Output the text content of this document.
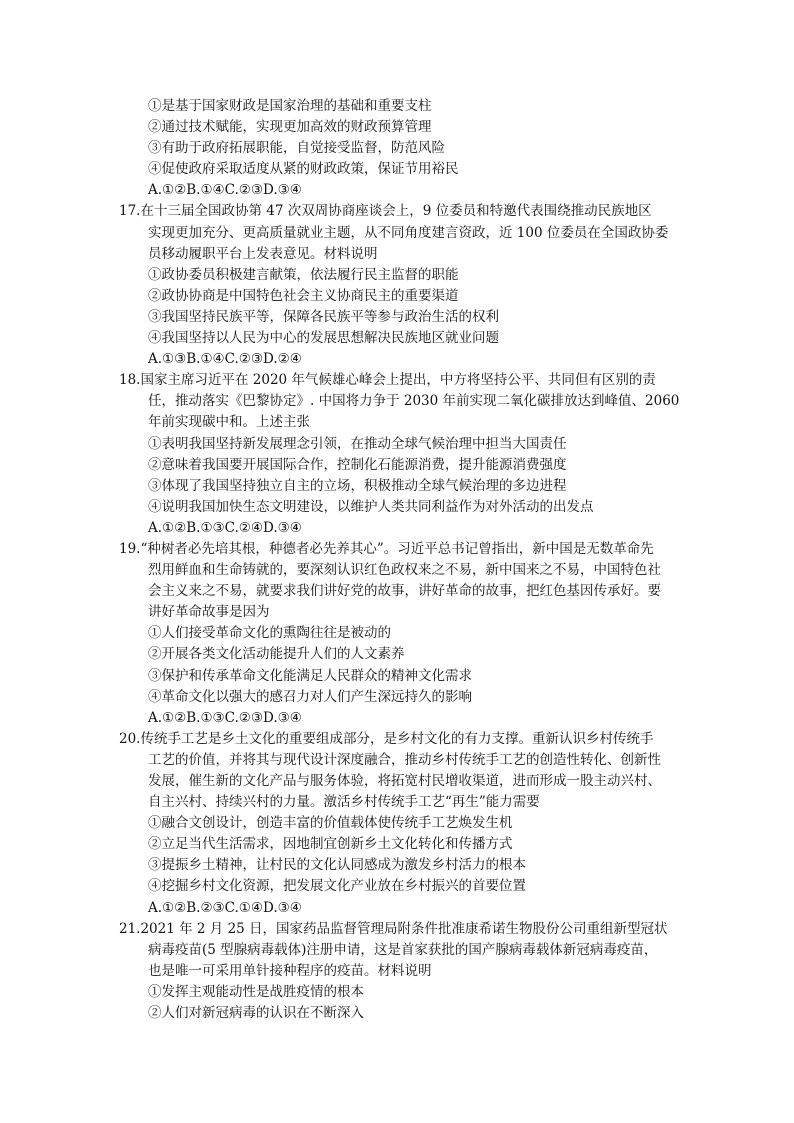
①是基于国家财政是国家治理的基础和重要支柱
②通过技术赋能，实现更加高效的财政预算管理
③有助于政府拓展职能，自觉接受监督，防范风险
④促使政府采取适度从紧的财政政策，保证节用裕民
A.①②B.①④C.②③D.③④
17.在十三届全国政协第 47 次双周协商座谈会上，9 位委员和特邀代表围绕推动民族地区
实现更加充分、更高质量就业主题，从不同角度建言资政，近 100 位委员在全国政协委
员移动履职平台上发表意见。材料说明
①政协委员积极建言献策，依法履行民主监督的职能
②政协协商是中国特色社会主义协商民主的重要渠道
③我国坚持民族平等，保障各民族平等参与政治生活的权利
④我国坚持以人民为中心的发展思想解决民族地区就业问题
A.①③B.①④C.②③D.②④
18.国家主席习近平在 2020 年气候雄心峰会上提出，中方将坚持公平、共同但有区别的责
任，推动落实《巴黎协定》. 中国将力争于 2030 年前实现二氧化碳排放达到峰值、2060
年前实现碳中和。上述主张
①表明我国坚持新发展理念引领，在推动全球气候治理中担当大国责任
②意味着我国要开展国际合作，控制化石能源消费，提升能源消费强度
③体现了我国坚持独立自主的立场，积极推动全球气候治理的多边进程
④说明我国加快生态文明建设，以维护人类共同利益作为对外活动的出发点
A.①②B.①③C.②④D.③④
19.“种树者必先培其根，种德者必先养其心”。习近平总书记曾指出，新中国是无数革命先
烈用鲜血和生命铸就的，要深刻认识红色政权来之不易，新中国来之不易，中国特色社
会主义来之不易，就要求我们讲好党的故事，讲好革命的故事，把红色基因传承好。要
讲好革命故事是因为
①人们接受革命文化的熏陶往往是被动的
②开展各类文化活动能提升人们的人文素养
③保护和传承革命文化能满足人民群众的精神文化需求
④革命文化以强大的感召力对人们产生深远持久的影响
A.①②B.①③C.②③D.③④
20.传统手工艺是乡土文化的重要组成部分，是乡村文化的有力支撑。重新认识乡村传统手
工艺的价值，并将其与现代设计深度融合，推动乡村传统手工艺的创造性转化、创新性
发展，催生新的文化产品与服务体验，将拓宽村民增收渠道，进而形成一股主动兴村、
自主兴村、持续兴村的力量。激活乡村传统手工艺“再生”能力需要
①融合文创设计，创造丰富的价值载体使传统手工艺焕发生机
②立足当代生活需求，因地制宜创新乡土文化转化和传播方式
③提振乡土精神，让村民的文化认同感成为激发乡村活力的根本
④挖掘乡村文化资源，把发展文化产业放在乡村振兴的首要位置
A.①②B.②③C.①④D.③④
21.2021 年 2 月 25 日，国家药品监督管理局附条件批准康希诺生物股份公司重组新型冠状
病毒疫苗(5 型腺病毒载体)注册申请，这是首家获批的国产腺病毒载体新冠病毒疫苗，
也是唯一可采用单针接种程序的疫苗。材料说明
①发挥主观能动性是战胜疫情的根本
②人们对新冠病毒的认识在不断深入
